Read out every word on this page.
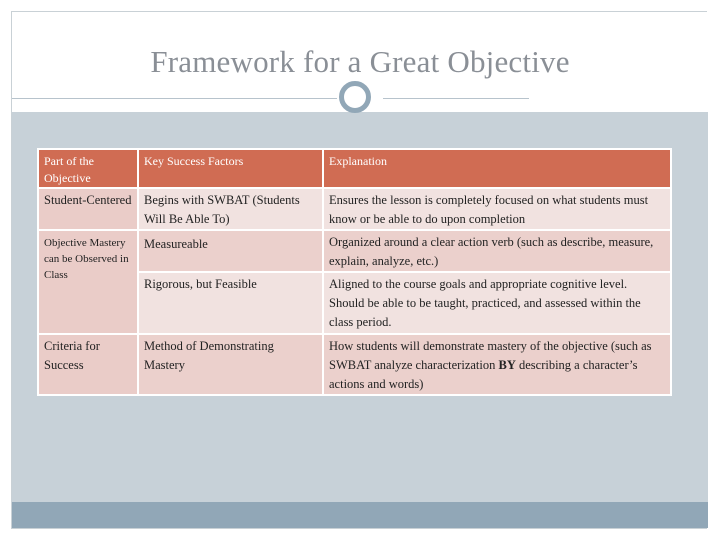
Framework for a Great Objective
Part of the Objective	Key Success Factors	Explanation

Student-Centered	Begins with SWBAT (Students Will Be Able To)	Ensures the lesson is completely focused on what students must know or be able to do upon completion

Objective Mastery can be Observed in Class	Measureable	Organized around a clear action verb (such as describe, measure, explain, analyze, etc.)

	Rigorous, but Feasible	Aligned to the course goals and appropriate cognitive level. Should be able to be taught, practiced, and assessed within the class period.

Criteria for Success	Method of Demonstrating Mastery	How students will demonstrate mastery of the objective (such as SWBAT analyze characterization BY describing a character’s actions and words)
